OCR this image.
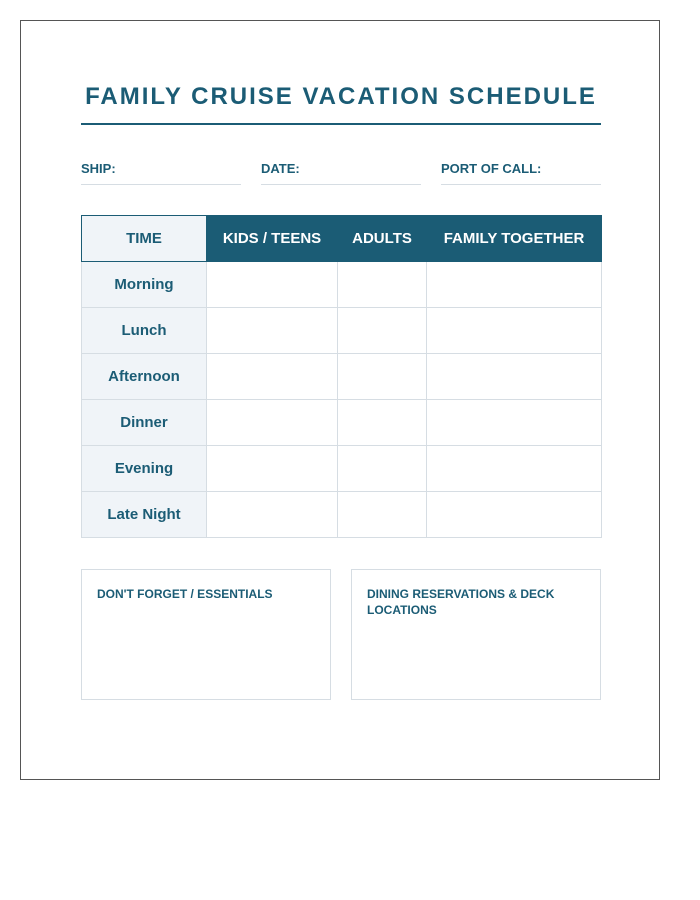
FAMILY CRUISE VACATION SCHEDULE
SHIP:	DATE:	PORT OF CALL:
TIME	KIDS / TEENS	ADULTS	FAMILY TOGETHER
Morning			
Lunch			
Afternoon			
Dinner			
Evening			
Late Night			
DON'T FORGET / ESSENTIALS	DINING RESERVATIONS & DECK LOCATIONS
